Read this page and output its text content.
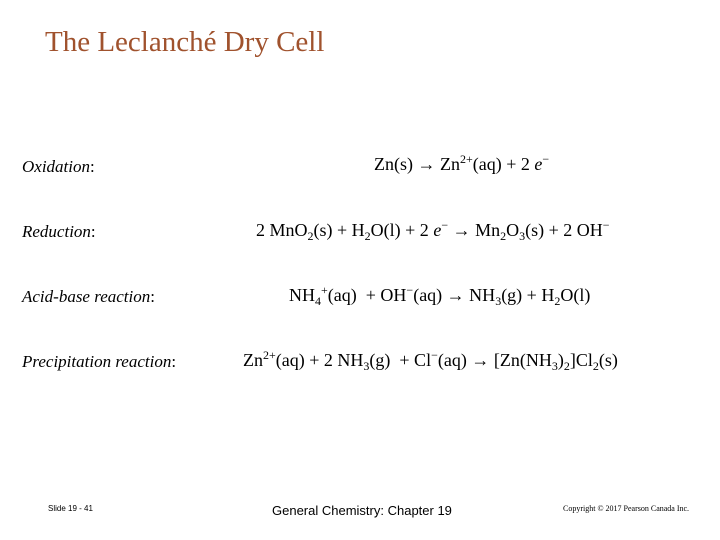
The Leclanché Dry Cell
Oxidation:
Reduction:
Acid-base reaction:
Precipitation reaction:
$Zn(s) \to Zn^{2+}(aq) + 2$ e−
2 $MnO_2(s) + H_2O(l) + 2$ $e^- \to Mn_2O_3(s) + 2$ OH−
$NH_4^+(aq) + OH^-(aq) \to NH_3(g) + H_2O(l)$
$Zn^{2+}(aq) + 2$ $NH_3(g) + Cl^-(aq) \to [Zn(NH_3)_2]Cl_2(s)$
Slide 19 - 41	General Chemistry: Chapter 19	Copyright © 2017 Pearson Canada Inc.
